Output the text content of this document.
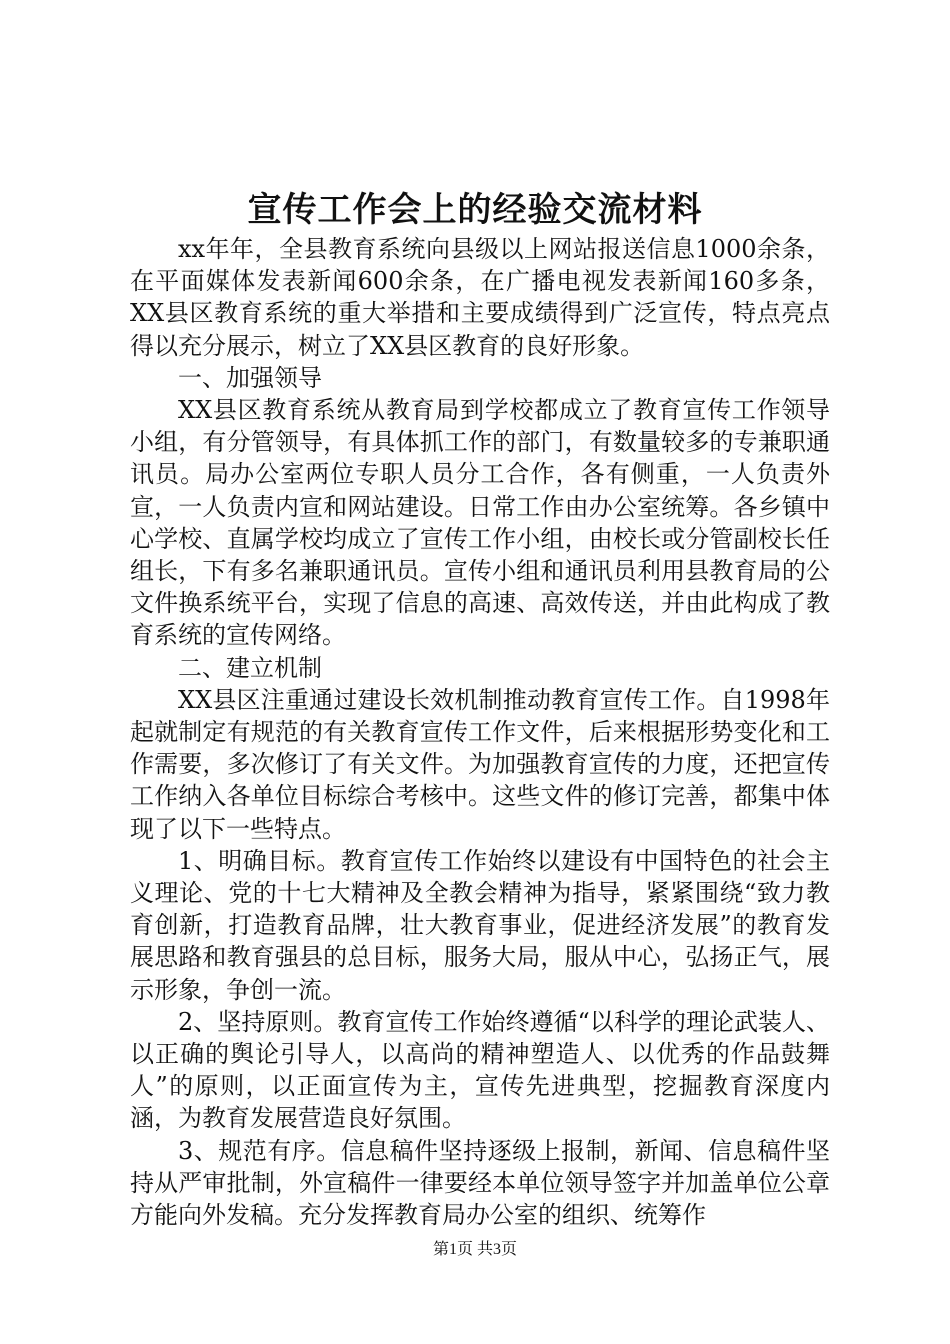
宣传工作会上的经验交流材料

xx年年，全县教育系统向县级以上网站报送信息1000余条，在平面媒体发表新闻600余条，在广播电视发表新闻160多条，XX县区教育系统的重大举措和主要成绩得到广泛宣传，特点亮点得以充分展示，树立了XX县区教育的良好形象。

一、加强领导

XX县区教育系统从教育局到学校都成立了教育宣传工作领导小组，有分管领导，有具体抓工作的部门，有数量较多的专兼职通讯员。局办公室两位专职人员分工合作，各有侧重，一人负责外宣，一人负责内宣和网站建设。日常工作由办公室统筹。各乡镇中心学校、直属学校均成立了宣传工作小组，由校长或分管副校长任组长，下有多名兼职通讯员。宣传小组和通讯员利用县教育局的公文件换系统平台，实现了信息的高速、高效传送，并由此构成了教育系统的宣传网络。

二、建立机制

XX县区注重通过建设长效机制推动教育宣传工作。自1998年起就制定有规范的有关教育宣传工作文件，后来根据形势变化和工作需要，多次修订了有关文件。为加强教育宣传的力度，还把宣传工作纳入各单位目标综合考核中。这些文件的修订完善，都集中体现了以下一些特点。

1、明确目标。教育宣传工作始终以建设有中国特色的社会主义理论、党的十七大精神及全教会精神为指导，紧紧围绕“致力教育创新，打造教育品牌，壮大教育事业，促进经济发展”的教育发展思路和教育强县的总目标，服务大局，服从中心，弘扬正气，展示形象，争创一流。

2、坚持原则。教育宣传工作始终遵循“以科学的理论武装人、以正确的舆论引导人，以高尚的精神塑造人、以优秀的作品鼓舞人”的原则，以正面宣传为主，宣传先进典型，挖掘教育深度内涵，为教育发展营造良好氛围。

3、规范有序。信息稿件坚持逐级上报制，新闻、信息稿件坚持从严审批制，外宣稿件一律要经本单位领导签字并加盖单位公章方能向外发稿。充分发挥教育局办公室的组织、统筹作

第1页 共3页
